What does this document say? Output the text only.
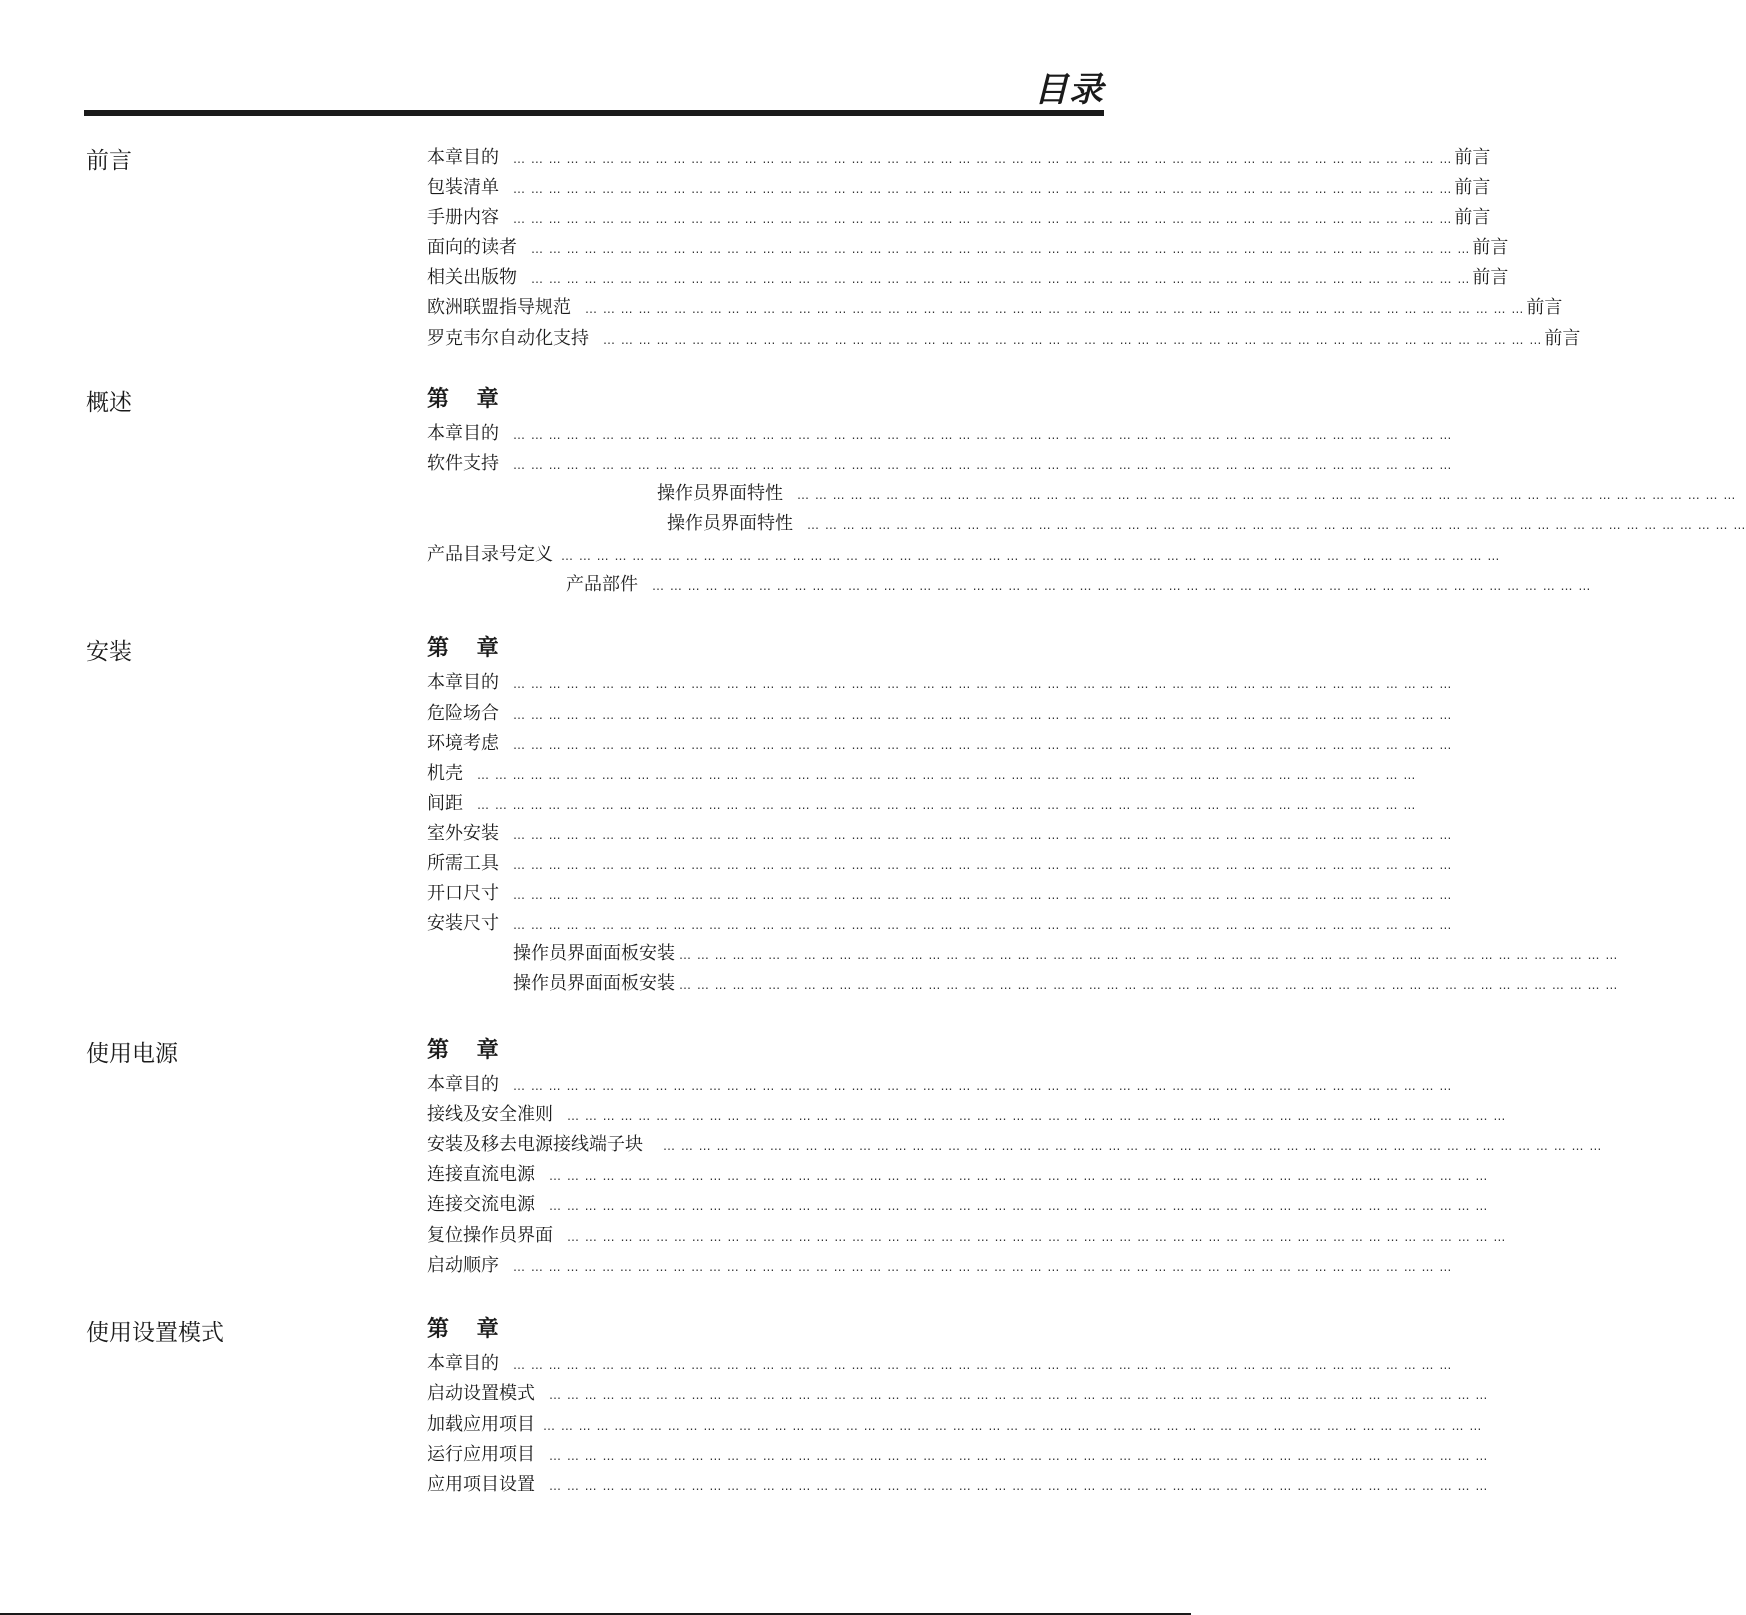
目录
前言	本章目的 … … … … … … … … … … … … … … … … … … … … … … … … … … … … … … … … … … … … … … … … … … … … … … … … … … … … … 前言
包装清单 … … … … … … … … … … … … … … … … … … … … … … … … … … … … … … … … … … … … … … … … … … … … … … … … … … … … … 前言
手册内容 … … … … … … … … … … … … … … … … … … … … … … … … … … … … … … … … … … … … … … … … … … … … … … … … … … … … … 前言
面向的读者 … … … … … … … … … … … … … … … … … … … … … … … … … … … … … … … … … … … … … … … … … … … … … … … … … … … … … 前言
相关出版物 … … … … … … … … … … … … … … … … … … … … … … … … … … … … … … … … … … … … … … … … … … … … … … … … … … … … … 前言
欧洲联盟 指导规范 … … … … … … … … … … … … … … … … … … … … … … … … … … … … … … … … … … … … … … … … … … … … … … … … … … … … … 前言
罗克韦尔自动化支持 … … … … … … … … … … … … … … … … … … … … … … … … … … … … … … … … … … … … … … … … … … … … … … … … … … … … … 前言
概述	第 章
本章目的 … … … … … … … … … … … … … … … … … … … … … … … … … … … … … … … … … … … … … … … … … … … … … … … … … … … … …
软件支持 … … … … … … … … … … … … … … … … … … … … … … … … … … … … … … … … … … … … … … … … … … … … … … … … … … … … …
操作员界面特性 … … … … … … … … … … … … … … … … … … … … … … … … … … … … … … … … … … … … … … … … … … … … … … … … … … … … …
操作员界面特性 … … … … … … … … … … … … … … … … … … … … … … … … … … … … … … … … … … … … … … … … … … … … … … … … … … … … …
产品目录号定义 … … … … … … … … … … … … … … … … … … … … … … … … … … … … … … … … … … … … … … … … … … … … … … … … … … … … …
产品部件 … … … … … … … … … … … … … … … … … … … … … … … … … … … … … … … … … … … … … … … … … … … … … … … … … … … … …
安装	第 章
本章目的 … … … … … … … … … … … … … … … … … … … … … … … … … … … … … … … … … … … … … … … … … … … … … … … … … … … … …
危险场合 … … … … … … … … … … … … … … … … … … … … … … … … … … … … … … … … … … … … … … … … … … … … … … … … … … … … …
环境考虑 … … … … … … … … … … … … … … … … … … … … … … … … … … … … … … … … … … … … … … … … … … … … … … … … … … … … …
机壳 … … … … … … … … … … … … … … … … … … … … … … … … … … … … … … … … … … … … … … … … … … … … … … … … … … … … …
间距 … … … … … … … … … … … … … … … … … … … … … … … … … … … … … … … … … … … … … … … … … … … … … … … … … … … … …
室外安装 … … … … … … … … … … … … … … … … … … … … … … … … … … … … … … … … … … … … … … … … … … … … … … … … … … … … …
所需工具 … … … … … … … … … … … … … … … … … … … … … … … … … … … … … … … … … … … … … … … … … … … … … … … … … … … … …
开口尺寸 … … … … … … … … … … … … … … … … … … … … … … … … … … … … … … … … … … … … … … … … … … … … … … … … … … … … …
安装尺寸 … … … … … … … … … … … … … … … … … … … … … … … … … … … … … … … … … … … … … … … … … … … … … … … … … … … … …
操作员界面面板安装 … … … … … … … … … … … … … … … … … … … … … … … … … … … … … … … … … … … … … … … … … … … … … … … … … … … … …
操作员界面面板安装 … … … … … … … … … … … … … … … … … … … … … … … … … … … … … … … … … … … … … … … … … … … … … … … … … … … … …
使用电源	第 章
本章目的 … … … … … … … … … … … … … … … … … … … … … … … … … … … … … … … … … … … … … … … … … … … … … … … … … … … … …
接线及安全准则 … … … … … … … … … … … … … … … … … … … … … … … … … … … … … … … … … … … … … … … … … … … … … … … … … … … … …
安装及移去电源接线端子块 … … … … … … … … … … … … … … … … … … … … … … … … … … … … … … … … … … … … … … … … … … … … … … … … … … … … …
连接直流电源 … … … … … … … … … … … … … … … … … … … … … … … … … … … … … … … … … … … … … … … … … … … … … … … … … … … … …
连接交流电源 … … … … … … … … … … … … … … … … … … … … … … … … … … … … … … … … … … … … … … … … … … … … … … … … … … … … …
复位操作员界面 … … … … … … … … … … … … … … … … … … … … … … … … … … … … … … … … … … … … … … … … … … … … … … … … … … … … …
启动顺序 … … … … … … … … … … … … … … … … … … … … … … … … … … … … … … … … … … … … … … … … … … … … … … … … … … … … …
使用设置模式	第 章
本章目的 … … … … … … … … … … … … … … … … … … … … … … … … … … … … … … … … … … … … … … … … … … … … … … … … … … … … …
启动设置模式 … … … … … … … … … … … … … … … … … … … … … … … … … … … … … … … … … … … … … … … … … … … … … … … … … … … … …
加载 应用项目 … … … … … … … … … … … … … … … … … … … … … … … … … … … … … … … … … … … … … … … … … … … … … … … … … … … … …
运行应用项目 … … … … … … … … … … … … … … … … … … … … … … … … … … … … … … … … … … … … … … … … … … … … … … … … … … … … …
应用项目设置 … … … … … … … … … … … … … … … … … … … … … … … … … … … … … … … … … … … … … … … … … … … … … … … … … … … … …
